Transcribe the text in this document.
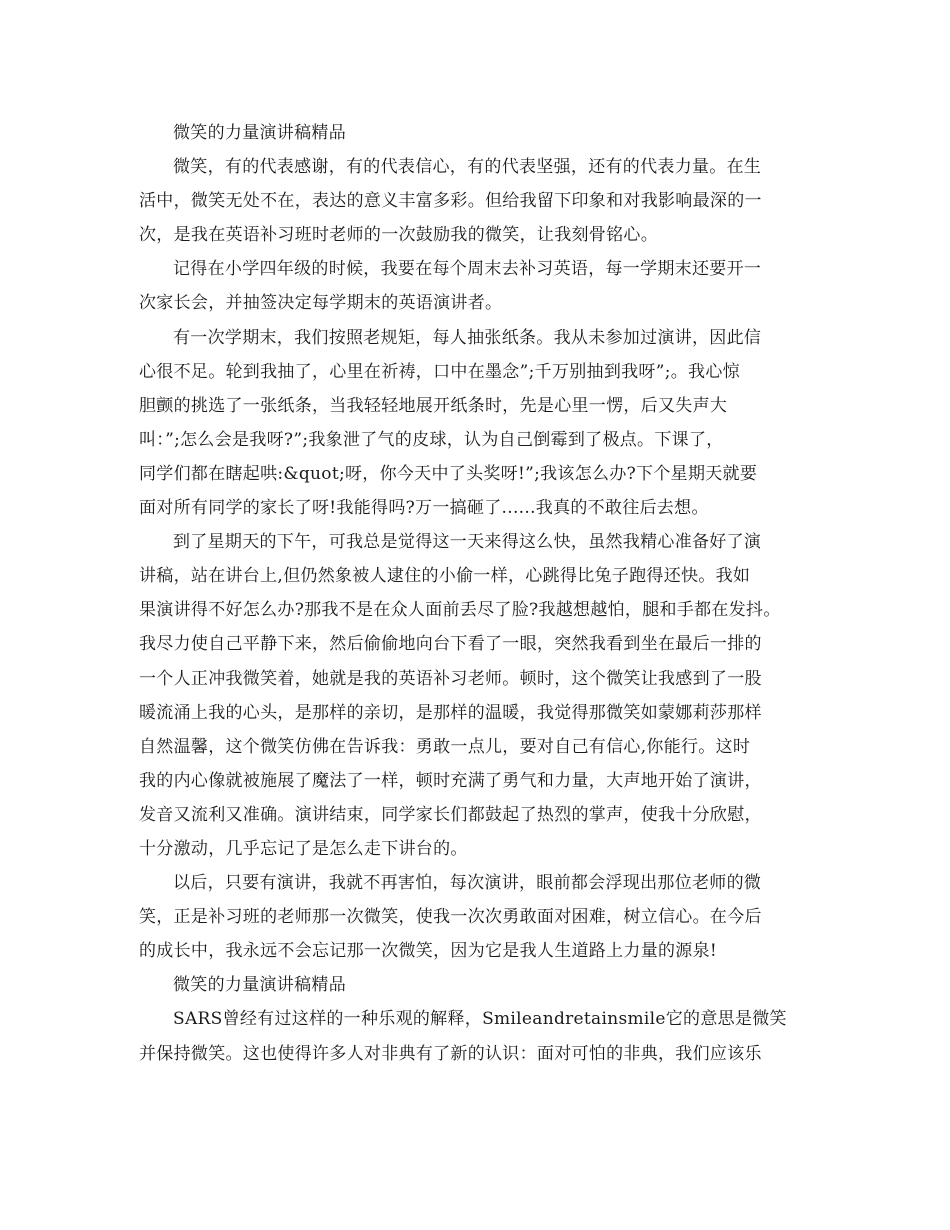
微笑的力量演讲稿精品
微笑，有的代表感谢，有的代表信心，有的代表坚强，还有的代表力量。在生
活中，微笑无处不在，表达的意义丰富多彩。但给我留下印象和对我影响最深的一
次，是我在英语补习班时老师的一次鼓励我的微笑，让我刻骨铭心。
记得在小学四年级的时候，我要在每个周末去补习英语，每一学期末还要开一
次家长会，并抽签决定每学期末的英语演讲者。
有一次学期末，我们按照老规矩，每人抽张纸条。我从未参加过演讲，因此信
心很不足。轮到我抽了，心里在祈祷，口中在墨念”;千万别抽到我呀”;。我心惊
胆颤的挑选了一张纸条，当我轻轻地展开纸条时，先是心里一愣，后又失声大
叫：”;怎么会是我呀?”;我象泄了气的皮球，认为自己倒霉到了极点。下课了，
同学们都在瞎起哄:&quot;呀，你今天中了头奖呀!”;我该怎么办?下个星期天就要
面对所有同学的家长了呀!我能得吗?万一搞砸了......我真的不敢往后去想。
到了星期天的下午，可我总是觉得这一天来得这么快，虽然我精心准备好了演
讲稿，站在讲台上,但仍然象被人逮住的小偷一样，心跳得比兔子跑得还快。我如
果演讲得不好怎么办?那我不是在众人面前丢尽了脸?我越想越怕，腿和手都在发抖。
我尽力使自己平静下来，然后偷偷地向台下看了一眼，突然我看到坐在最后一排的
一个人正冲我微笑着，她就是我的英语补习老师。顿时，这个微笑让我感到了一股
暖流涌上我的心头，是那样的亲切，是那样的温暖，我觉得那微笑如蒙娜莉莎那样
自然温馨，这个微笑仿佛在告诉我：勇敢一点儿，要对自己有信心,你能行。这时
我的内心像就被施展了魔法了一样，顿时充满了勇气和力量，大声地开始了演讲，
发音又流利又准确。演讲结束，同学家长们都鼓起了热烈的掌声，使我十分欣慰，
十分激动，几乎忘记了是怎么走下讲台的。
以后，只要有演讲，我就不再害怕，每次演讲，眼前都会浮现出那位老师的微
笑，正是补习班的老师那一次微笑，使我一次次勇敢面对困难，树立信心。在今后
的成长中，我永远不会忘记那一次微笑，因为它是我人生道路上力量的源泉!
微笑的力量演讲稿精品
SARS曾经有过这样的一种乐观的解释，Smileandretainsmile它的意思是微笑
并保持微笑。这也使得许多人对非典有了新的认识：面对可怕的非典，我们应该乐
